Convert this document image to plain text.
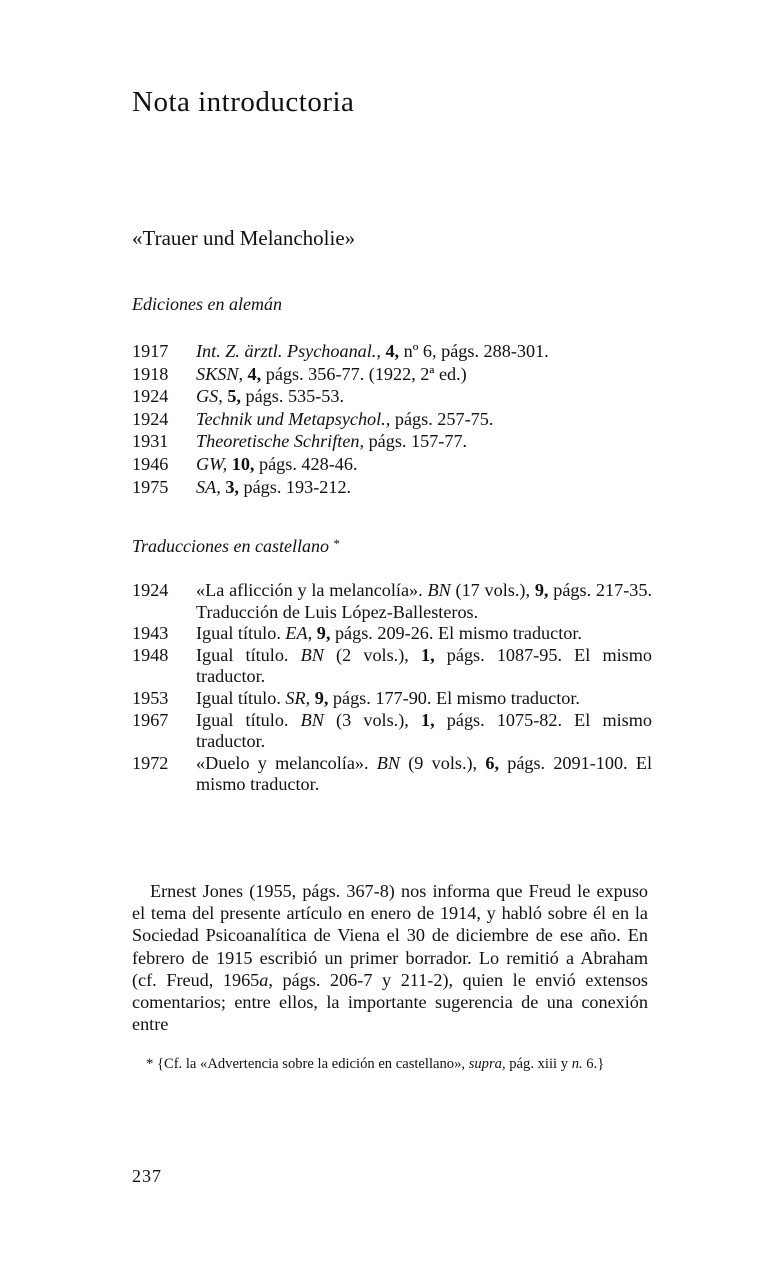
Nota introductoria
«Trauer und Melancholie»
Ediciones en alemán
1917	Int. Z. ärztl. Psychoanal., 4, nº 6, págs. 288-301.
1918	SKSN, 4, págs. 356-77. (1922, 2ª ed.)
1924	GS, 5, págs. 535-53.
1924	Technik und Metapsychol., págs. 257-75.
1931	Theoretische Schriften, págs. 157-77.
1946	GW, 10, págs. 428-46.
1975	SA, 3, págs. 193-212.
Traducciones en castellano *
1924	«La aflicción y la melancolía». BN (17 vols.), 9, págs. 217-35. Traducción de Luis López-Ballesteros.
1943	Igual título. EA, 9, págs. 209-26. El mismo traductor.
1948	Igual título. BN (2 vols.), 1, págs. 1087-95. El mismo traductor.
1953	Igual título. SR, 9, págs. 177-90. El mismo traductor.
1967	Igual título. BN (3 vols.), 1, págs. 1075-82. El mismo traductor.
1972	«Duelo y melancolía». BN (9 vols.), 6, págs. 2091-100. El mismo traductor.

Ernest Jones (1955, págs. 367-8) nos informa que Freud le expuso el tema del presente artículo en enero de 1914, y habló sobre él en la Sociedad Psicoanalítica de Viena el 30 de diciembre de ese año. En febrero de 1915 escribió un primer borrador. Lo remitió a Abraham (cf. Freud, 1965a, págs. 206-7 y 211-2), quien le envió extensos comentarios; entre ellos, la importante sugerencia de una conexión entre

* {Cf. la «Advertencia sobre la edición en castellano», supra, pág. xiii y n. 6.}

237
